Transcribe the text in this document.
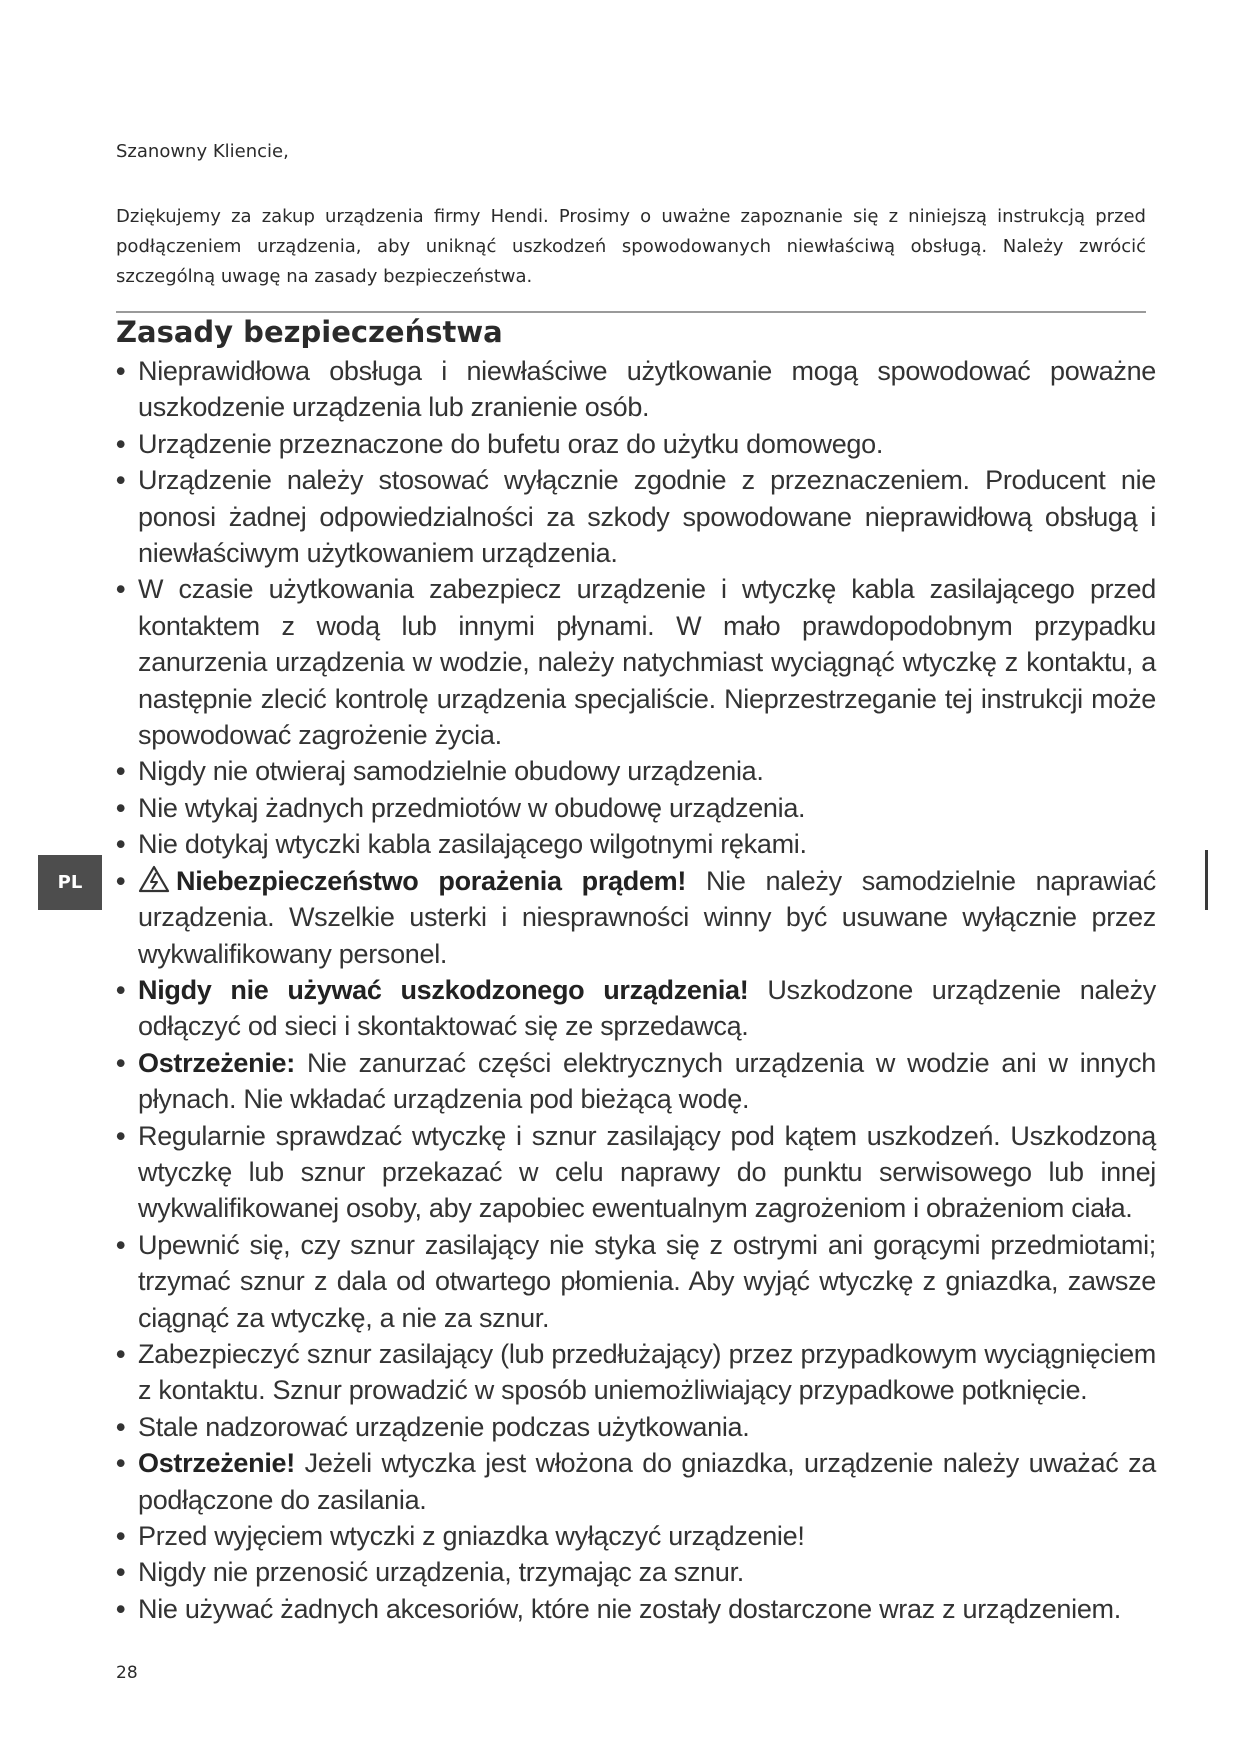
Szanowny Kliencie,
Dziękujemy za zakup urządzenia firmy Hendi. Prosimy o uważne zapoznanie się z niniejszą instrukcją przed podłączeniem urządzenia, aby uniknąć uszkodzeń spowodowanych niewłaściwą obsługą. Należy zwrócić szczególną uwagę na zasady bezpieczeństwa.
Zasady bezpieczeństwa
• Nieprawidłowa obsługa i niewłaściwe użytkowanie mogą spowodować poważne uszkodzenie urządzenia lub zranienie osób.
• Urządzenie przeznaczone do bufetu oraz do użytku domowego.
• Urządzenie należy stosować wyłącznie zgodnie z przeznaczeniem. Producent nie ponosi żadnej odpowiedzialności za szkody spowodowane nieprawidłową obsługą i niewłaściwym użytkowaniem urządzenia.
• W czasie użytkowania zabezpiecz urządzenie i wtyczkę kabla zasilającego przed kontaktem z wodą lub innymi płynami. W mało prawdopodobnym przypadku zanurzenia urządzenia w wodzie, należy natychmiast wyciągnąć wtyczkę z kontaktu, a następnie zlecić kontrolę urządzenia specjaliście. Nieprzestrzeganie tej instrukcji może spowodować zagrożenie życia.
• Nigdy nie otwieraj samodzielnie obudowy urządzenia.
• Nie wtykaj żadnych przedmiotów w obudowę urządzenia.
• Nie dotykaj wtyczki kabla zasilającego wilgotnymi rękami.
• Niebezpieczeństwo porażenia prądem! Nie należy samodzielnie naprawiać urządzenia. Wszelkie usterki i niesprawności winny być usuwane wyłącznie przez wykwalifikowany personel.
• Nigdy nie używać uszkodzonego urządzenia! Uszkodzone urządzenie należy odłączyć od sieci i skontaktować się ze sprzedawcą.
• Ostrzeżenie: Nie zanurzać części elektrycznych urządzenia w wodzie ani w innych płynach. Nie wkładać urządzenia pod bieżącą wodę.
• Regularnie sprawdzać wtyczkę i sznur zasilający pod kątem uszkodzeń. Uszkodzoną wtyczkę lub sznur przekazać w celu naprawy do punktu serwisowego lub innej wykwalifikowanej osoby, aby zapobiec ewentualnym zagrożeniom i obrażeniom ciała.
• Upewnić się, czy sznur zasilający nie styka się z ostrymi ani gorącymi przedmiotami; trzymać sznur z dala od otwartego płomienia. Aby wyjąć wtyczkę z gniazdka, zawsze ciągnąć za wtyczkę, a nie za sznur.
• Zabezpieczyć sznur zasilający (lub przedłużający) przez przypadkowym wyciągnięciem z kontaktu. Sznur prowadzić w sposób uniemożliwiający przypadkowe potknięcie.
• Stale nadzorować urządzenie podczas użytkowania.
• Ostrzeżenie! Jeżeli wtyczka jest włożona do gniazdka, urządzenie należy uważać za podłączone do zasilania.
• Przed wyjęciem wtyczki z gniazdka wyłączyć urządzenie!
• Nigdy nie przenosić urządzenia, trzymając za sznur.
• Nie używać żadnych akcesoriów, które nie zostały dostarczone wraz z urządzeniem.
PL
28
